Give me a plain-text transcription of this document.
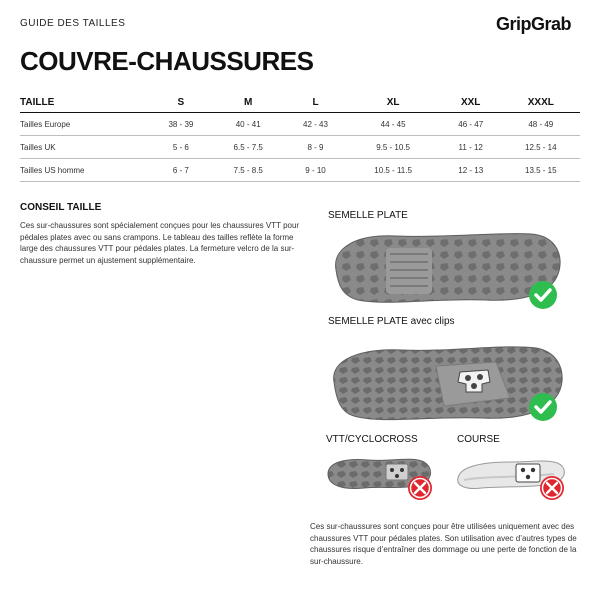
GUIDE DES TAILLES	GripGrab
COUVRE-CHAUSSURES
TAILLE	S	M	L	XL	XXL	XXXL
Tailles Europe	38 - 39	40 - 41	42 - 43	44 - 45	46 - 47	48 - 49
Tailles UK	5 - 6	6.5 - 7.5	8 - 9	9.5 - 10.5	11 - 12	12.5 - 14
Tailles US homme	6 - 7	7.5 - 8.5	9 - 10	10.5 - 11.5	12 - 13	13.5 - 15
CONSEIL TAILLE
Ces sur-chaussures sont spécialement conçues pour les chaussures VTT pour pédales plates avec ou sans crampons. Le tableau des tailles reflète la forme large des chaussures VTT pour pédales plates. La fermeture velcro de la sur-chaussure permet un ajustement supplémentaire.
SEMELLE PLATE
SEMELLE PLATE avec clips
VTT/CYCLOCROSS	COURSE
Ces sur-chaussures sont conçues pour être utilisées uniquement avec des chaussures VTT pour pédales plates. Son utilisation avec d’autres types de chaussures risque d’entraîner des dommage ou une perte de fonction de la sur-chaussure.
